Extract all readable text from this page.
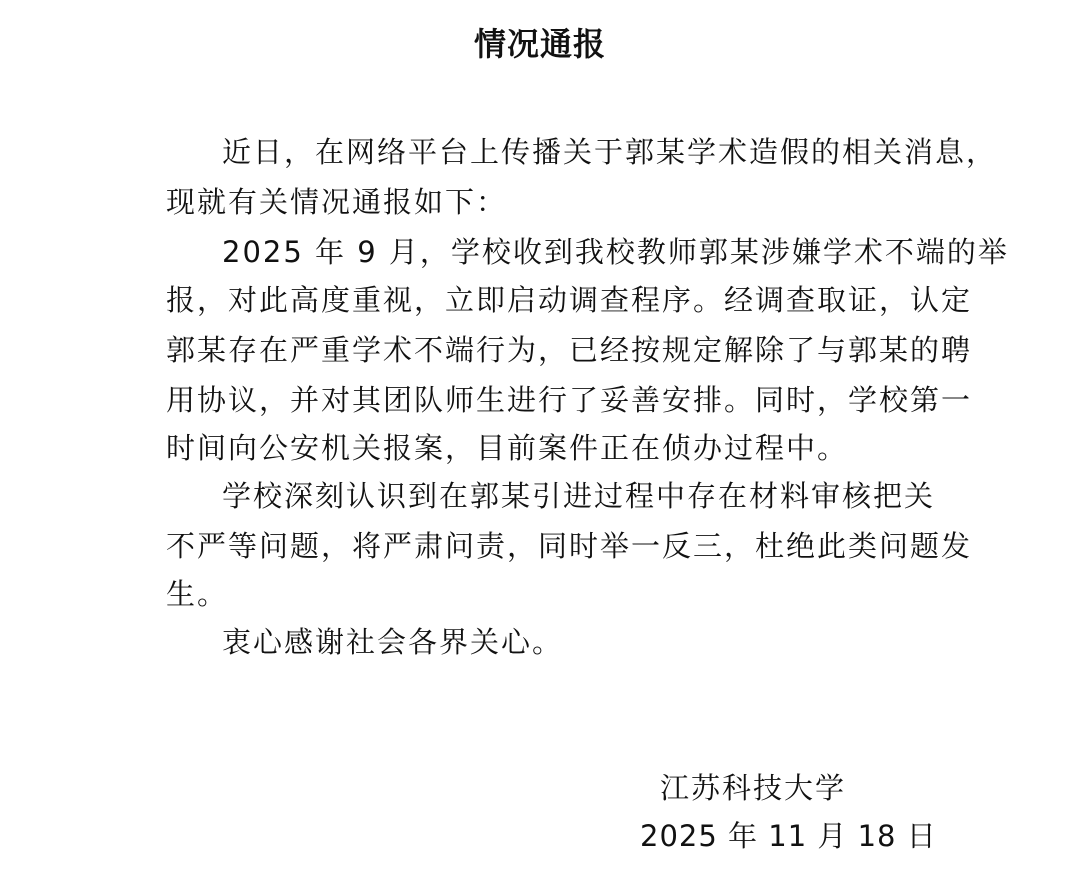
情况通报
近日，在网络平台上传播关于郭某学术造假的相关消息，
现就有关情况通报如下：
2025 年 9 月，学校收到我校教师郭某涉嫌学术不端的举
报，对此高度重视，立即启动调查程序。经调查取证，认定
郭某存在严重学术不端行为，已经按规定解除了与郭某的聘
用协议，并对其团队师生进行了妥善安排。同时，学校第一
时间向公安机关报案，目前案件正在侦办过程中。
学校深刻认识到在郭某引进过程中存在材料审核把关
不严等问题，将严肃问责，同时举一反三，杜绝此类问题发
生。
衷心感谢社会各界关心。
江苏科技大学
2025 年 11 月 18 日
